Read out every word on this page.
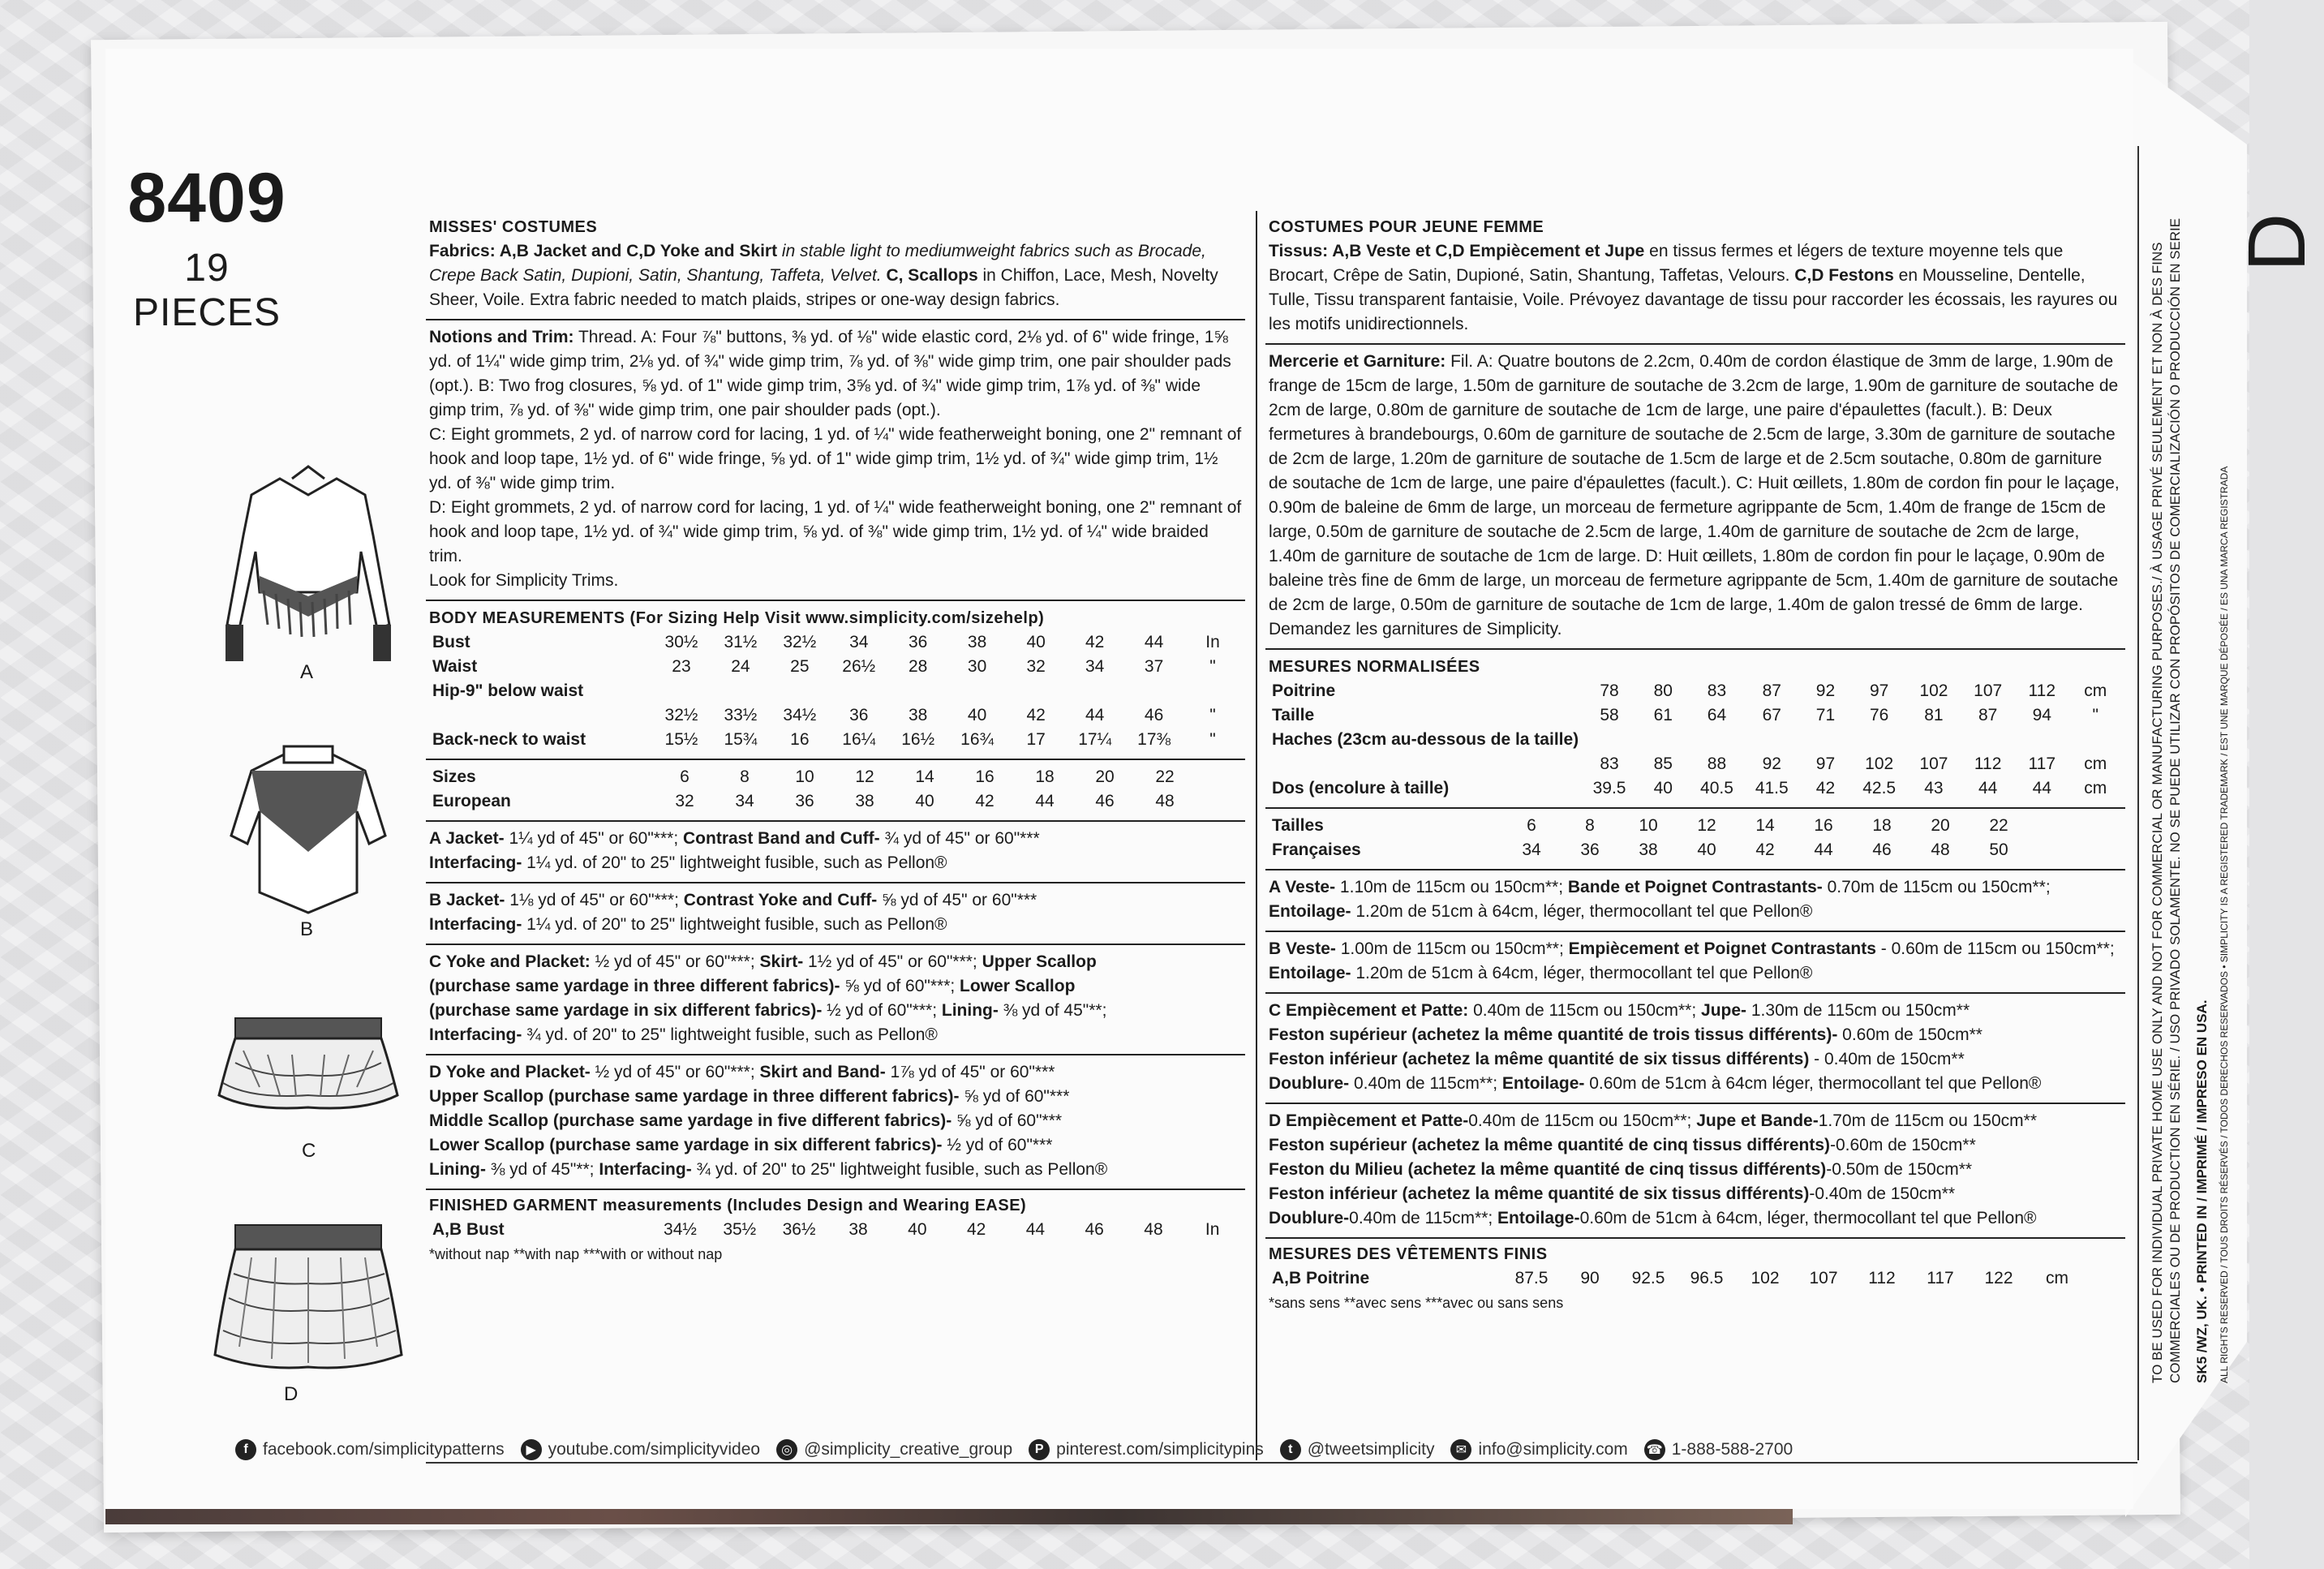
8409
19 PIECES
A
B
C
D
MISSES' COSTUMES

Fabrics: A,B Jacket and C,D Yoke and Skirt in stable light to mediumweight fabrics such as Brocade, Crepe Back Satin, Dupioni, Satin, Shantung, Taffeta, Velvet. C, Scallops in Chiffon, Lace, Mesh, Novelty Sheer, Voile. Extra fabric needed to match plaids, stripes or one-way design fabrics.

Notions and Trim: Thread. A: Four ⅞" buttons, ⅜ yd. of ⅛" wide elastic cord, 2⅛ yd. of 6" wide fringe, 1⅝ yd. of 1¼" wide gimp trim, 2⅛ yd. of ¾" wide gimp trim, ⅞ yd. of ⅜" wide gimp trim, one pair shoulder pads (opt.). B: Two frog closures, ⅝ yd. of 1" wide gimp trim, 3⅝ yd. of ¾" wide gimp trim, 1⅞ yd. of ⅜" wide gimp trim, ⅞ yd. of ⅜" wide gimp trim, one pair shoulder pads (opt.).

C: Eight grommets, 2 yd. of narrow cord for lacing, 1 yd. of ¼" wide featherweight boning, one 2" remnant of hook and loop tape, 1½ yd. of 6" wide fringe, ⅝ yd. of 1" wide gimp trim, 1½ yd. of ¾" wide gimp trim, 1½ yd. of ⅜" wide gimp trim.

D: Eight grommets, 2 yd. of narrow cord for lacing, 1 yd. of ¼" wide featherweight boning, one 2" remnant of hook and loop tape, 1½ yd. of ¾" wide gimp trim, ⅝ yd. of ⅜" wide gimp trim, 1½ yd. of ¼" wide braided trim.

Look for Simplicity Trims.

BODY MEASUREMENTS (For Sizing Help Visit www.simplicity.com/sizehelp)
Bust	30½	31½	32½	34	36	38	40	42	44	In
Waist	23	24	25	26½	28	30	32	34	37	"
Hip-9" below waist										
	32½	33½	34½	36	38	40	42	44	46	"
Back-neck to waist	15½	15¾	16	16¼	16½	16¾	17	17¼	17⅜	"
Sizes	6	8	10	12	14	16	18	20	22
European	32	34	36	38	40	42	44	46	48

A Jacket- 1¼ yd of 45" or 60"***; Contrast Band and Cuff- ¾ yd of 45" or 60"***

Interfacing- 1¼ yd. of 20" to 25" lightweight fusible, such as Pellon®

B Jacket- 1⅛ yd of 45" or 60"***; Contrast Yoke and Cuff- ⅝ yd of 45" or 60"***

Interfacing- 1¼ yd. of 20" to 25" lightweight fusible, such as Pellon®

C Yoke and Placket: ½ yd of 45" or 60"***; Skirt- 1½ yd of 45" or 60"***; Upper Scallop

(purchase same yardage in three different fabrics)- ⅝ yd of 60"***; Lower Scallop

(purchase same yardage in six different fabrics)- ½ yd of 60"***; Lining- ⅜ yd of 45"**;

Interfacing- ¾ yd. of 20" to 25" lightweight fusible, such as Pellon®

D Yoke and Placket- ½ yd of 45" or 60"***; Skirt and Band- 1⅞ yd of 45" or 60"***

Upper Scallop (purchase same yardage in three different fabrics)- ⅝ yd of 60"***

Middle Scallop (purchase same yardage in five different fabrics)- ⅝ yd of 60"***

Lower Scallop (purchase same yardage in six different fabrics)- ½ yd of 60"***

Lining- ⅜ yd of 45"**; Interfacing- ¾ yd. of 20" to 25" lightweight fusible, such as Pellon®

FINISHED GARMENT measurements (Includes Design and Wearing EASE)
A,B Bust	34½	35½	36½	38	40	42	44	46	48	In
*without nap **with nap ***with or without nap
COSTUMES POUR JEUNE FEMME

Tissus: A,B Veste et C,D Empiècement et Jupe en tissus fermes et légers de texture moyenne tels que Brocart, Crêpe de Satin, Dupioné, Satin, Shantung, Taffetas, Velours. C,D Festons en Mousseline, Dentelle, Tulle, Tissu transparent fantaisie, Voile. Prévoyez davantage de tissu pour raccorder les écossais, les rayures ou les motifs unidirectionnels.

Mercerie et Garniture: Fil. A: Quatre boutons de 2.2cm, 0.40m de cordon élastique de 3mm de large, 1.90m de frange de 15cm de large, 1.50m de garniture de soutache de 3.2cm de large, 1.90m de garniture de soutache de 2cm de large, 0.80m de garniture de soutache de 1cm de large, une paire d'épaulettes (facult.). B: Deux fermetures à brandebourgs, 0.60m de garniture de soutache de 2.5cm de large, 3.30m de garniture de soutache de 2cm de large, 1.20m de garniture de soutache de 1.5cm de large et de 2.5cm soutache, 0.80m de garniture de soutache de 1cm de large, une paire d'épaulettes (facult.). C: Huit œillets, 1.80m de cordon fin pour le laçage, 0.90m de baleine de 6mm de large, un morceau de fermeture agrippante de 5cm, 1.40m de frange de 15cm de large, 0.50m de garniture de soutache de 2.5cm de large, 1.40m de garniture de soutache de 2cm de large, 1.40m de garniture de soutache de 1cm de large. D: Huit œillets, 1.80m de cordon fin pour le laçage, 0.90m de baleine très fine de 6mm de large, un morceau de fermeture agrippante de 5cm, 1.40m de garniture de soutache de 2cm de large, 0.50m de garniture de soutache de 1cm de large, 1.40m de galon tressé de 6mm de large. Demandez les garnitures de Simplicity.

MESURES NORMALISÉES
Poitrine	78	80	83	87	92	97	102	107	112	cm
Taille	58	61	64	67	71	76	81	87	94	"
Haches (23cm au-dessous de la taille)										
	83	85	88	92	97	102	107	112	117	cm
Dos (encolure à taille)	39.5	40	40.5	41.5	42	42.5	43	44	44	cm
Tailles	6	8	10	12	14	16	18	20	22
Françaises	34	36	38	40	42	44	46	48	50

A Veste- 1.10m de 115cm ou 150cm**; Bande et Poignet Contrastants- 0.70m de 115cm ou 150cm**; Entoilage- 1.20m de 51cm à 64cm, léger, thermocollant tel que Pellon®

B Veste- 1.00m de 115cm ou 150cm**; Empiècement et Poignet Contrastants - 0.60m de 115cm ou 150cm**; Entoilage- 1.20m de 51cm à 64cm, léger, thermocollant tel que Pellon®

C Empiècement et Patte: 0.40m de 115cm ou 150cm**; Jupe- 1.30m de 115cm ou 150cm**

Feston supérieur (achetez la même quantité de trois tissus différents)- 0.60m de 150cm**

Feston inférieur (achetez la même quantité de six tissus différents) - 0.40m de 150cm**

Doublure- 0.40m de 115cm**; Entoilage- 0.60m de 51cm à 64cm léger, thermocollant tel que Pellon®

D Empiècement et Patte-0.40m de 115cm ou 150cm**; Jupe et Bande-1.70m de 115cm ou 150cm**

Feston supérieur (achetez la même quantité de cinq tissus différents)-0.60m de 150cm**

Feston du Milieu (achetez la même quantité de cinq tissus différents)-0.50m de 150cm**

Feston inférieur (achetez la même quantité de six tissus différents)-0.40m de 150cm**

Doublure-0.40m de 115cm**; Entoilage-0.60m de 51cm à 64cm, léger, thermocollant tel que Pellon®

MESURES DES VÊTEMENTS FINIS
A,B Poitrine	87.5	90	92.5	96.5	102	107	112	117	122	cm
*sans sens **avec sens ***avec ou sans sens	TO BE USED FOR INDIVIDUAL PRIVATE HOME USE ONLY AND NOT FOR COMMERCIAL OR MANUFACTURING PURPOSES./ À USAGE PRIVÉ SEULEMENT ET NON À DES FINS COMMERCIALES OU DE PRODUCTION EN SÉRIE. / USO PRIVADO SOLAMENTE. NO SE PUEDE UTILIZAR CON PROPÓSITOS DE COMERCIALIZACIÓN O PRODUCCIÓN EN SERIE SK5 /WZ, UK. • PRINTED IN / IMPRIMÉ / IMPRESO EN USA. ALL RIGHTS RESERVED / TOUS DROITS RÉSERVÉS / TODOS DERECHOS RESERVADOS • SIMPLICITY IS A REGISTERED TRADEMARK / EST UNE MARQUE DÉPOSÉE / ES UNA MARCA REGISTRADA
D
f facebook.com/simplicitypatterns	▶ youtube.com/simplicityvideo	◎ @simplicity_creative_group	P pinterest.com/simplicitypins	t @tweetsimplicity	✉ info@simplicity.com ☎ 1-888-588-2700
